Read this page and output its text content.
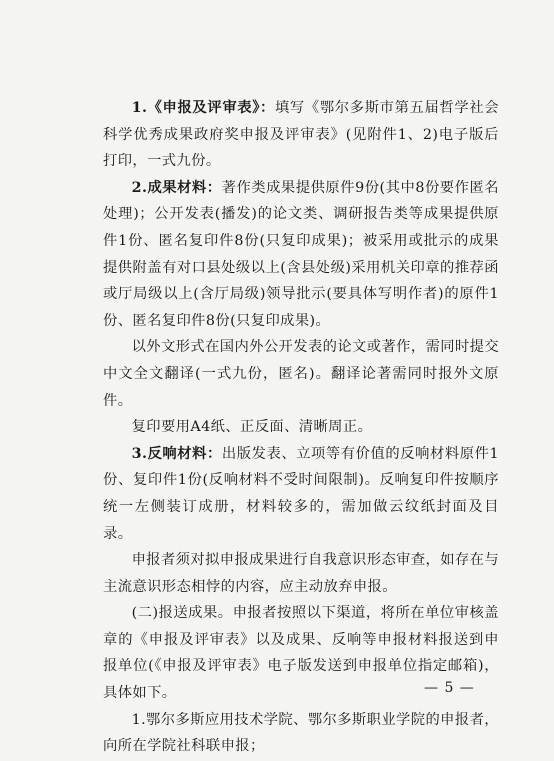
1.《申报及评审表》：填写《鄂尔多斯市第五届哲学社会科学优秀成果政府奖申报及评审表》(见附件1、2)电子版后打印，一式九份。

2.成果材料：著作类成果提供原件9份(其中8份要作匿名处理)；公开发表(播发)的论文类、调研报告类等成果提供原件1份、匿名复印件8份(只复印成果)；被采用或批示的成果提供附盖有对口县处级以上(含县处级)采用机关印章的推荐函或厅局级以上(含厅局级)领导批示(要具体写明作者)的原件1份、匿名复印件8份(只复印成果)。

以外文形式在国内外公开发表的论文或著作，需同时提交中文全文翻译(一式九份，匿名)。翻译论著需同时报外文原件。

复印要用A4纸、正反面、清晰周正。

3.反响材料：出版发表、立项等有价值的反响材料原件1份、复印件1份(反响材料不受时间限制)。反响复印件按顺序统一左侧装订成册，材料较多的，需加做云纹纸封面及目录。

申报者须对拟申报成果进行自我意识形态审查，如存在与主流意识形态相悖的内容，应主动放弃申报。

(二)报送成果。申报者按照以下渠道，将所在单位审核盖章的《申报及评审表》以及成果、反响等申报材料报送到申报单位(《申报及评审表》电子版发送到申报单位指定邮箱)，具体如下。

1.鄂尔多斯应用技术学院、鄂尔多斯职业学院的申报者，向所在学院社科联申报；

— 5 —
